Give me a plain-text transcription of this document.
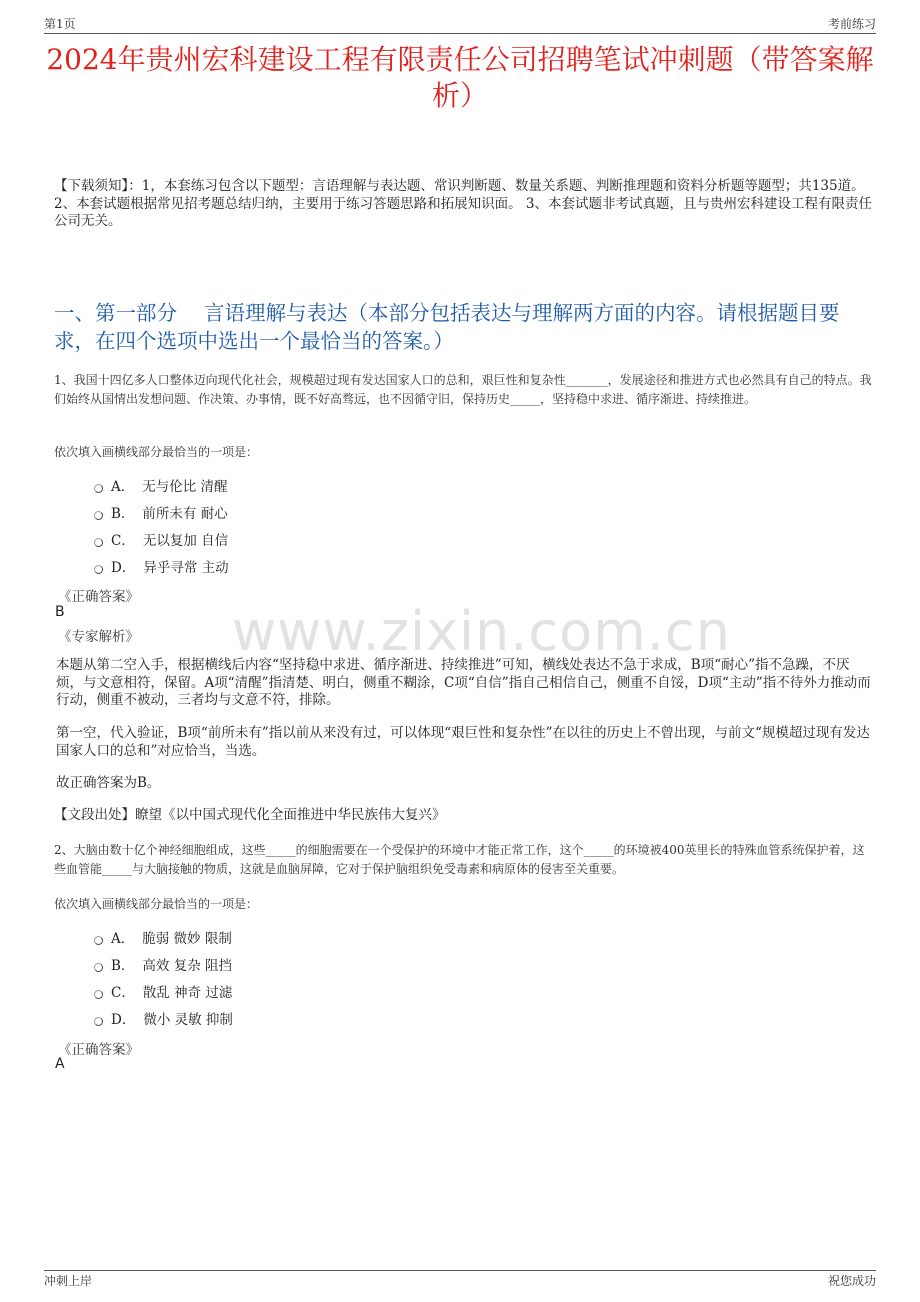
第1页	考前练习
2024年贵州宏科建设工程有限责任公司招聘笔试冲刺题（带答案解析）
【下载须知】：1，本套练习包含以下题型：言语理解与表达题、常识判断题、数量关系题、判断推理题和资料分析题等题型；共135道。 2、本套试题根据常见招考题总结归纳，主要用于练习答题思路和拓展知识面。 3、本套试题非考试真题，且与贵州宏科建设工程有限责任公司无关。
一、第一部分　 言语理解与表达（本部分包括表达与理解两方面的内容。请根据题目要求，在四个选项中选出一个最恰当的答案。）
www.zixin.com.cn
1、我国十四亿多人口整体迈向现代化社会，规模超过现有发达国家人口的总和，艰巨性和复杂性_______，发展途径和推进方式也必然具有自己的特点。我们始终从国情出发想问题、作决策、办事情，既不好高骛远，也不因循守旧，保持历史_____，坚持稳中求进、循序渐进、持续推进。
依次填入画横线部分最恰当的一项是：
A． 无与伦比 清醒
B． 前所未有 耐心
C． 无以复加 自信
D． 异乎寻常 主动
《正确答案》
B
《专家解析》
本题从第二空入手，根据横线后内容“坚持稳中求进、循序渐进、持续推进”可知，横线处表达不急于求成，B项“耐心”指不急躁，不厌烦，与文意相符，保留。A项“清醒”指清楚、明白，侧重不糊涂，C项“自信”指自己相信自己，侧重不自馁，D项“主动”指不待外力推动而行动，侧重不被动，三者均与文意不符，排除。
第一空，代入验证，B项“前所未有”指以前从来没有过，可以体现“艰巨性和复杂性”在以往的历史上不曾出现，与前文“规模超过现有发达国家人口的总和”对应恰当，当选。
故正确答案为B。
【文段出处】瞭望《以中国式现代化全面推进中华民族伟大复兴》
2、大脑由数十亿个神经细胞组成，这些_____的细胞需要在一个受保护的环境中才能正常工作，这个_____的环境被400英里长的特殊血管系统保护着，这些血管能_____与大脑接触的物质，这就是血脑屏障，它对于保护脑组织免受毒素和病原体的侵害至关重要。
依次填入画横线部分最恰当的一项是：
A． 脆弱 微妙 限制
B． 高效 复杂 阻挡
C． 散乱 神奇 过滤
D． 微小 灵敏 抑制
《正确答案》
A
冲刺上岸	祝您成功
